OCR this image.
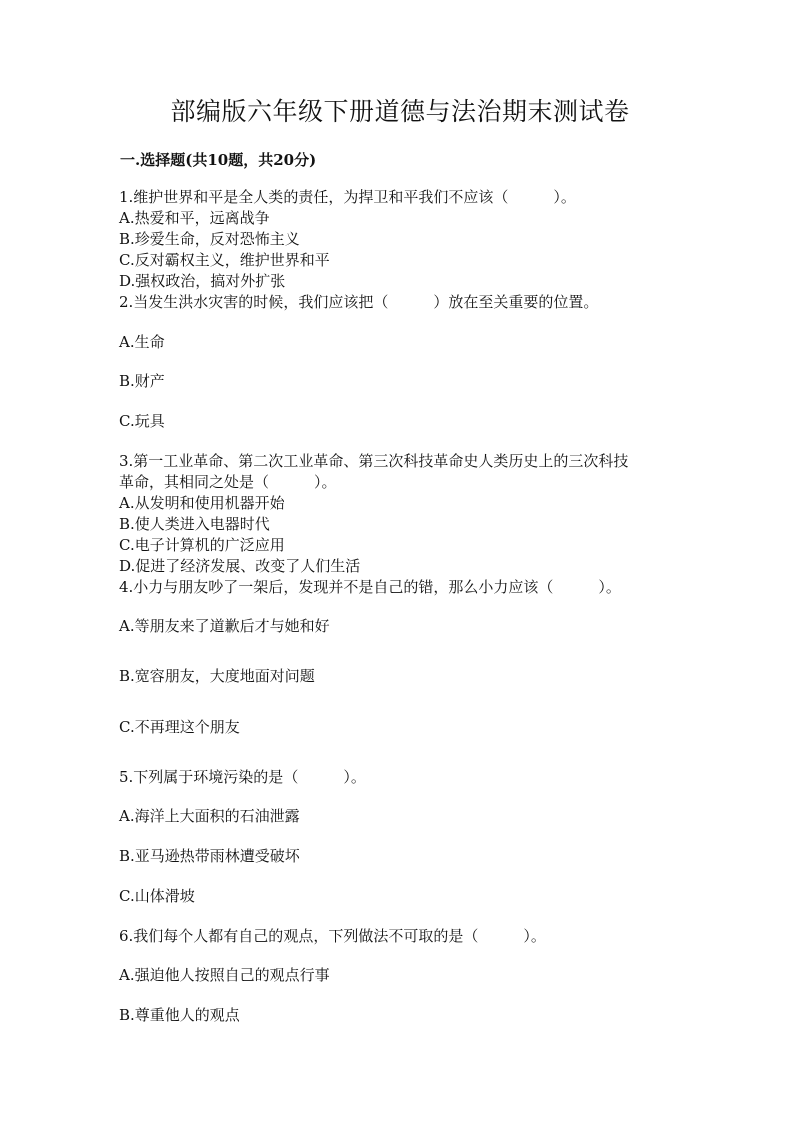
部编版六年级下册道德与法治期末测试卷
一.选择题(共10题，共20分)
1.维护世界和平是全人类的责任，为捍卫和平我们不应该（　　　）。
A.热爱和平，远离战争
B.珍爱生命，反对恐怖主义
C.反对霸权主义，维护世界和平
D.强权政治，搞对外扩张
2.当发生洪水灾害的时候，我们应该把（　　　）放在至关重要的位置。
A.生命
B.财产
C.玩具
3.第一工业革命、第二次工业革命、第三次科技革命史人类历史上的三次科技
革命，其相同之处是（　　　）。
A.从发明和使用机器开始
B.使人类进入电器时代
C.电子计算机的广泛应用
D.促进了经济发展、改变了人们生活
4.小力与朋友吵了一架后，发现并不是自己的错，那么小力应该（　　　）。
A.等朋友来了道歉后才与她和好
B.宽容朋友，大度地面对问题
C.不再理这个朋友
5.下列属于环境污染的是（　　　）。
A.海洋上大面积的石油泄露
B.亚马逊热带雨林遭受破坏
C.山体滑坡
6.我们每个人都有自己的观点，下列做法不可取的是（　　　）。
A.强迫他人按照自己的观点行事
B.尊重他人的观点
